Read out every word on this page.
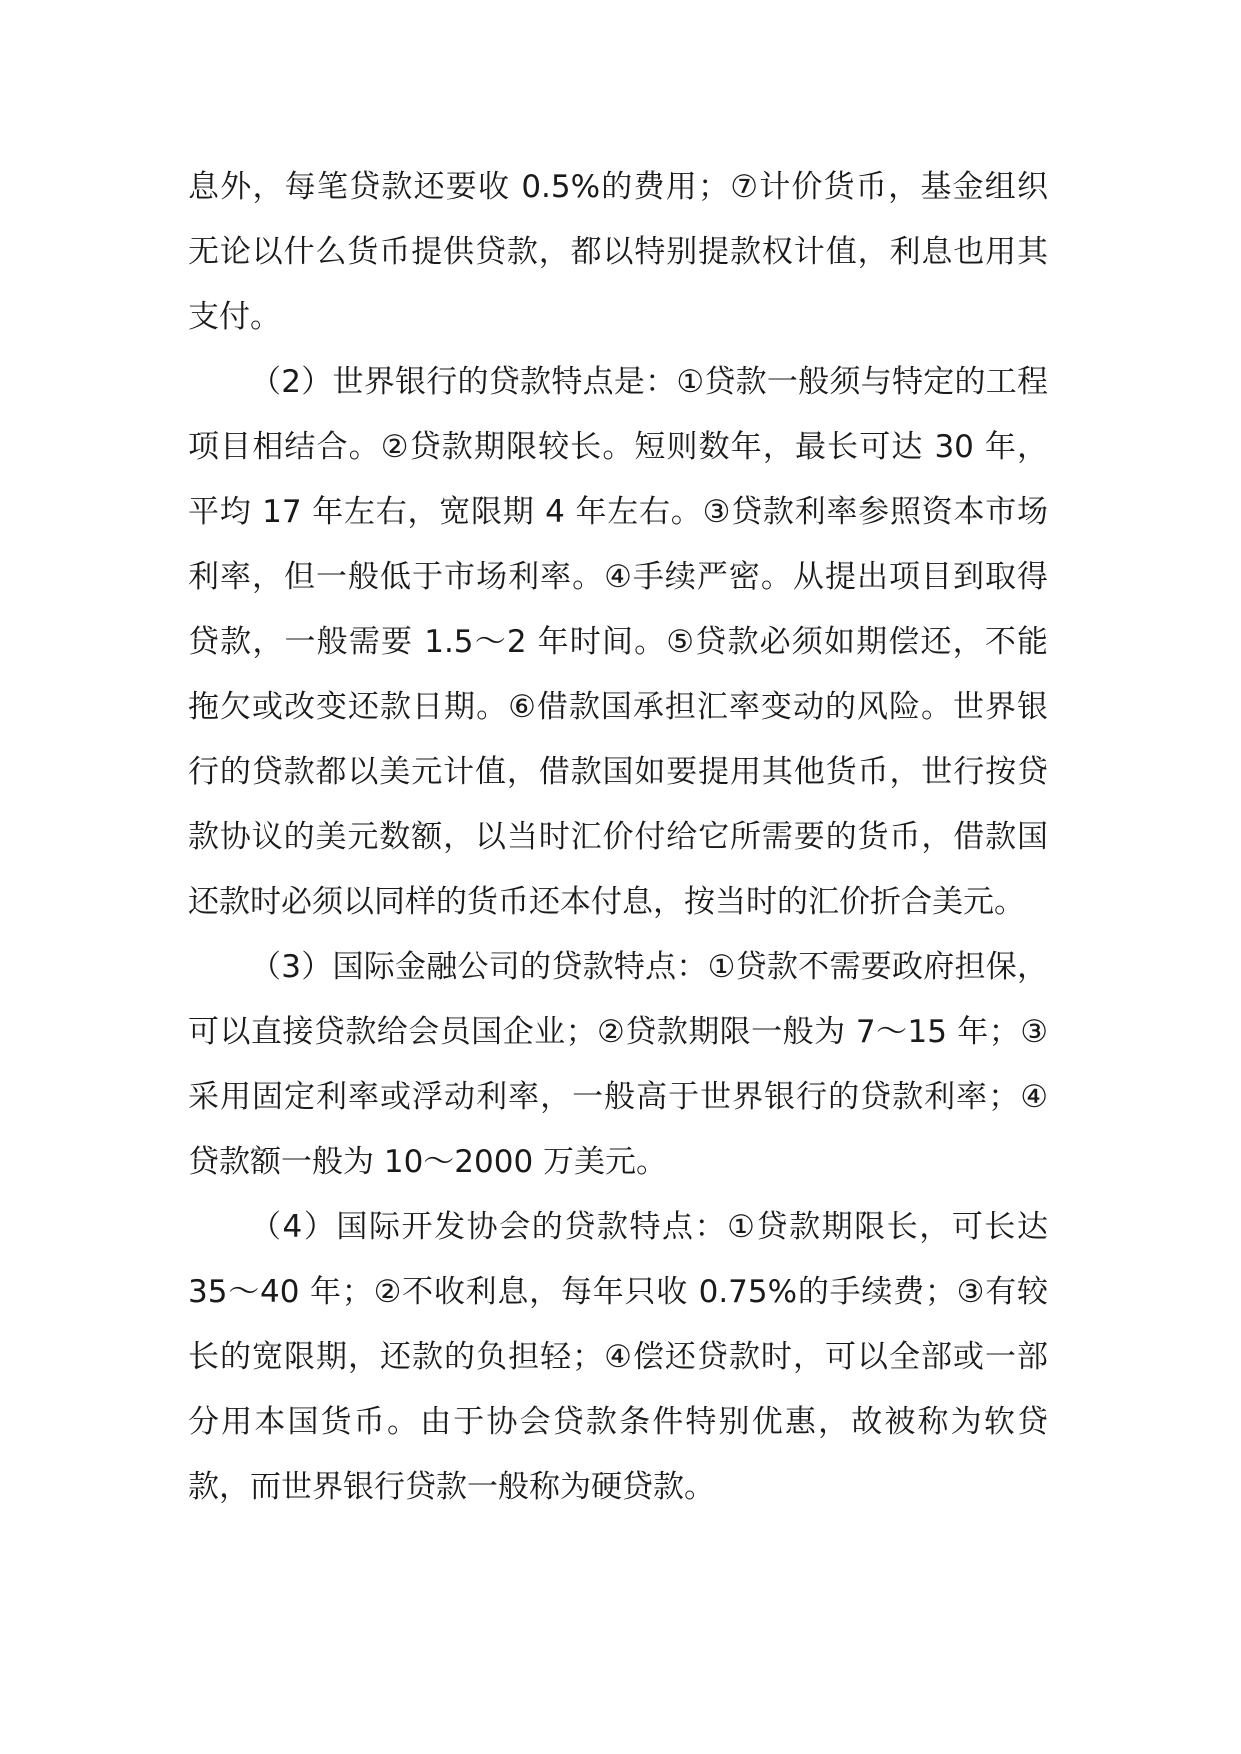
息外，每笔贷款还要收 0.5%的费用；⑦计价货币，基金组织无论以什么货币提供贷款，都以特别提款权计值，利息也用其支付。

（2）世界银行的贷款特点是：①贷款一般须与特定的工程项目相结合。②贷款期限较长。短则数年，最长可达 30 年，平均 17 年左右，宽限期 4 年左右。③贷款利率参照资本市场利率，但一般低于市场利率。④手续严密。从提出项目到取得贷款，一般需要 1.5～2 年时间。⑤贷款必须如期偿还，不能拖欠或改变还款日期。⑥借款国承担汇率变动的风险。世界银行的贷款都以美元计值，借款国如要提用其他货币，世行按贷款协议的美元数额，以当时汇价付给它所需要的货币，借款国还款时必须以同样的货币还本付息，按当时的汇价折合美元。

（3）国际金融公司的贷款特点：①贷款不需要政府担保，可以直接贷款给会员国企业；②贷款期限一般为 7～15 年；③采用固定利率或浮动利率，一般高于世界银行的贷款利率；④贷款额一般为 10～2000 万美元。

（4）国际开发协会的贷款特点：①贷款期限长，可长达 35～40 年；②不收利息，每年只收 0.75%的手续费；③有较长的宽限期，还款的负担轻；④偿还贷款时，可以全部或一部分用本国货币。由于协会贷款条件特别优惠，故被称为软贷款，而世界银行贷款一般称为硬贷款。
